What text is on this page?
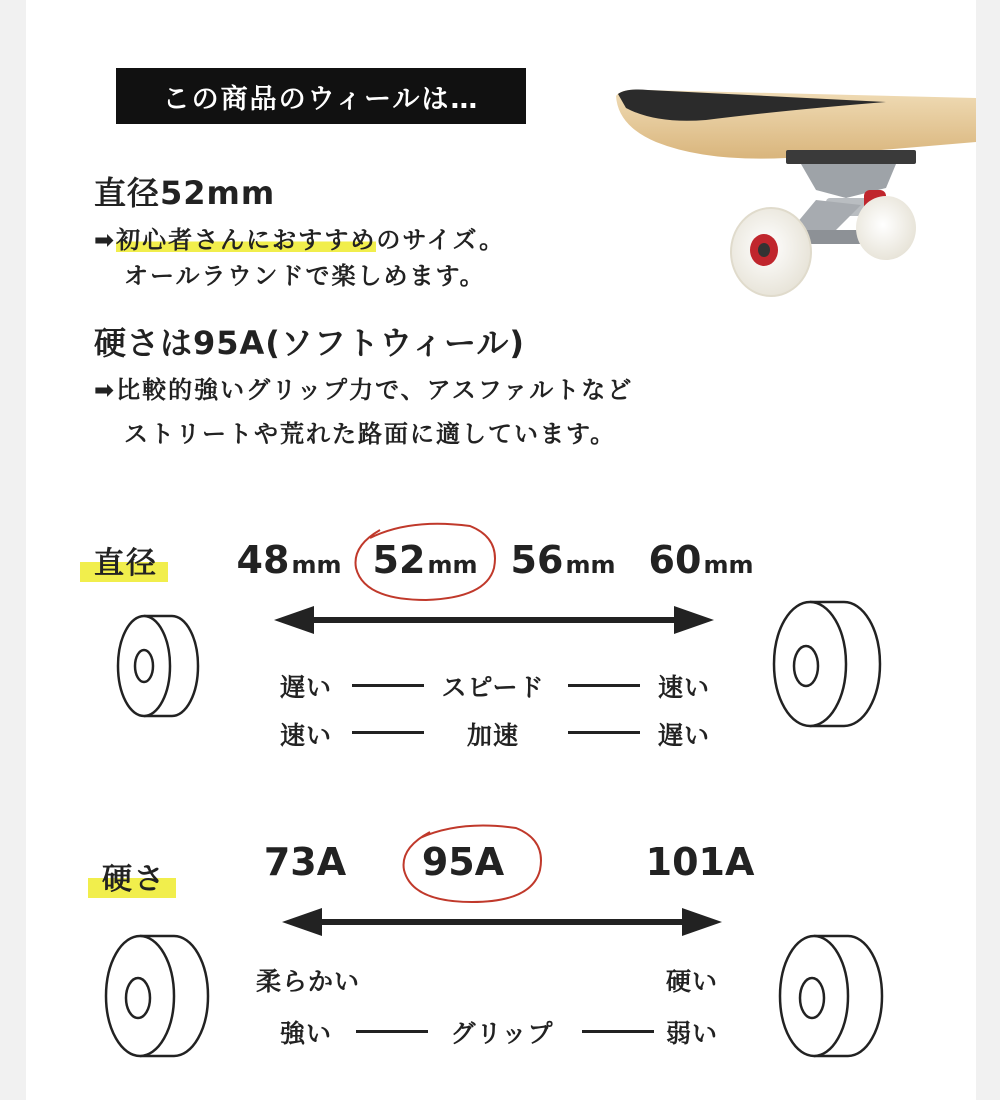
この商品のウィールは…
直径52mm
➡初心者さんにおすすめのサイズ。
オールラウンドで楽しめます。
硬さは95A(ソフトウィール)
➡比較的強いグリップ力で、アスファルトなど
ストリートや荒れた路面に適しています。
直径 48mm 52mm 56mm 60mm
遅い	スピード	速い
速い	加速	遅い
硬さ	73A	95A	101A
柔らかい	硬い
強い	グリップ	弱い
